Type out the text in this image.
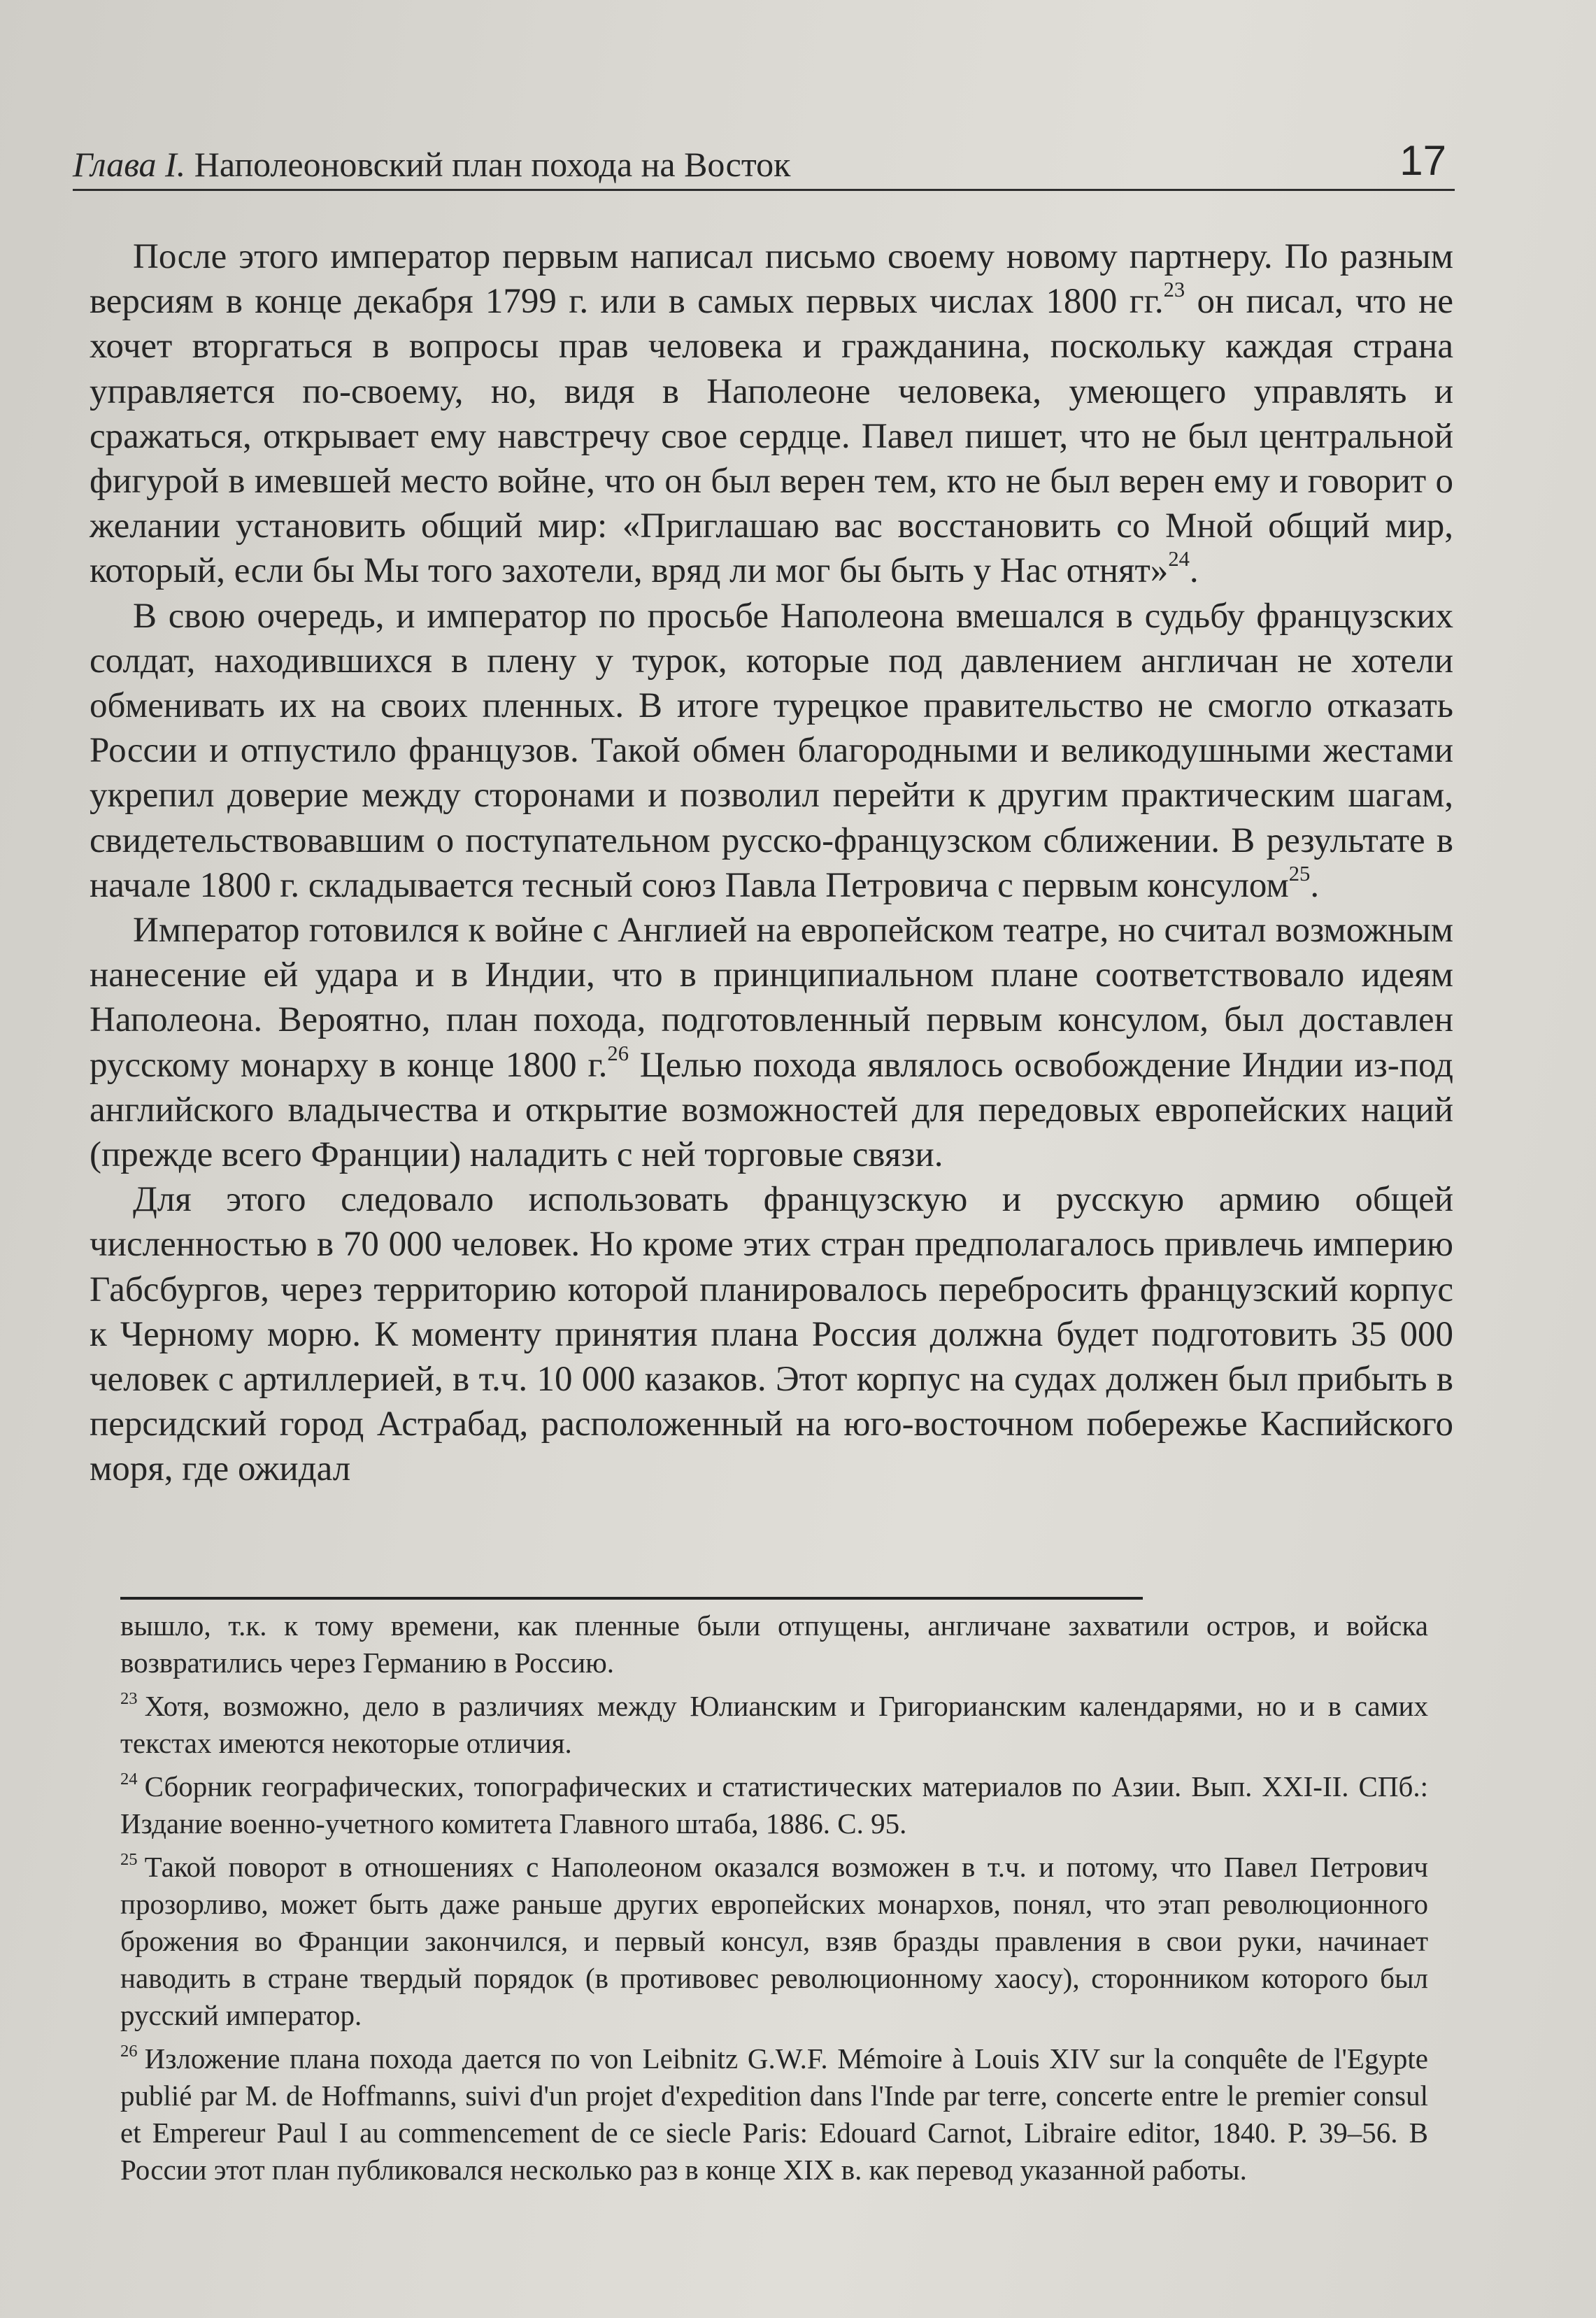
Глава I. Наполеоновский план похода на Восток	17

После этого император первым написал письмо своему новому партнеру. По разным версиям в конце декабря 1799 г. или в самых первых числах 1800 гг.$^{23}$ он писал, что не хочет вторгаться в вопросы прав человека и гражданина, поскольку каждая страна управляется по-своему, но, видя в Наполеоне человека, умеющего управлять и сражаться, открывает ему навстречу свое сердце. Павел пишет, что не был центральной фигурой в имевшей место войне, что он был верен тем, кто не был верен ему и говорит о желании установить общий мир: «Приглашаю вас восстановить со Мной общий мир, который, если бы Мы того захотели, вряд ли мог бы быть у Нас отнят»$^{24}$.

В свою очередь, и император по просьбе Наполеона вмешался в судьбу французских солдат, находившихся в плену у турок, которые под давлением англичан не хотели обменивать их на своих пленных. В итоге турецкое правительство не смогло отказать России и отпустило французов. Такой обмен благородными и великодушными жестами укрепил доверие между сторонами и позволил перейти к другим практическим шагам, свидетельствовавшим о поступательном русско-французском сближении. В результате в начале 1800 г. складывается тесный союз Павла Петровича с первым консулом$^{25}$.

Император готовился к войне с Англией на европейском театре, но считал возможным нанесение ей удара и в Индии, что в принципиальном плане соответствовало идеям Наполеона. Вероятно, план похода, подготовленный первым консулом, был доставлен русскому монарху в конце 1800 г.$^{26}$ Целью похода являлось освобождение Индии из-под английского владычества и открытие возможностей для передовых европейских наций (прежде всего Франции) наладить с ней торговые связи.

Для этого следовало использовать французскую и русскую армию общей численностью в 70 000 человек. Но кроме этих стран предполагалось привлечь империю Габсбургов, через территорию которой планировалось перебросить французский корпус к Черному морю. К моменту принятия плана Россия должна будет подготовить 35 000 человек с артиллерией, в т.ч. 10 000 казаков. Этот корпус на судах должен был прибыть в персидский город Астрабад, расположенный на юго-восточном побережье Каспийского моря, где ожидал

вышло, т.к. к тому времени, как пленные были отпущены, англичане захватили остров, и войска возвратились через Германию в Россию.

$^{23}$ Хотя, возможно, дело в различиях между Юлианским и Григорианским календарями, но и в самих текстах имеются некоторые отличия.

$^{24}$ Сборник географических, топографических и статистических материалов по Азии. Вып. XXI-II. СПб.: Издание военно-учетного комитета Главного штаба, 1886. С. 95.

$^{25}$ Такой поворот в отношениях с Наполеоном оказался возможен в т.ч. и потому, что Павел Петрович прозорливо, может быть даже раньше других европейских монархов, понял, что этап революционного брожения во Франции закончился, и первый консул, взяв бразды правления в свои руки, начинает наводить в стране твердый порядок (в противовес революционному хаосу), сторонником которого был русский император.

$^{26}$ Изложение плана похода дается по von Leibnitz G.W.F. Mémoire à Louis XIV sur la conquête de l'Egypte publié par M. de Hoffmanns, suivi d'un projet d'expedition dans l'Inde par terre, concerte entre le premier consul et Empereur Paul I au commencement de ce siecle Paris: Edouard Carnot, Libraire editor, 1840. P. 39–56. В России этот план публиковался несколько раз в конце XIX в. как перевод указанной работы.
